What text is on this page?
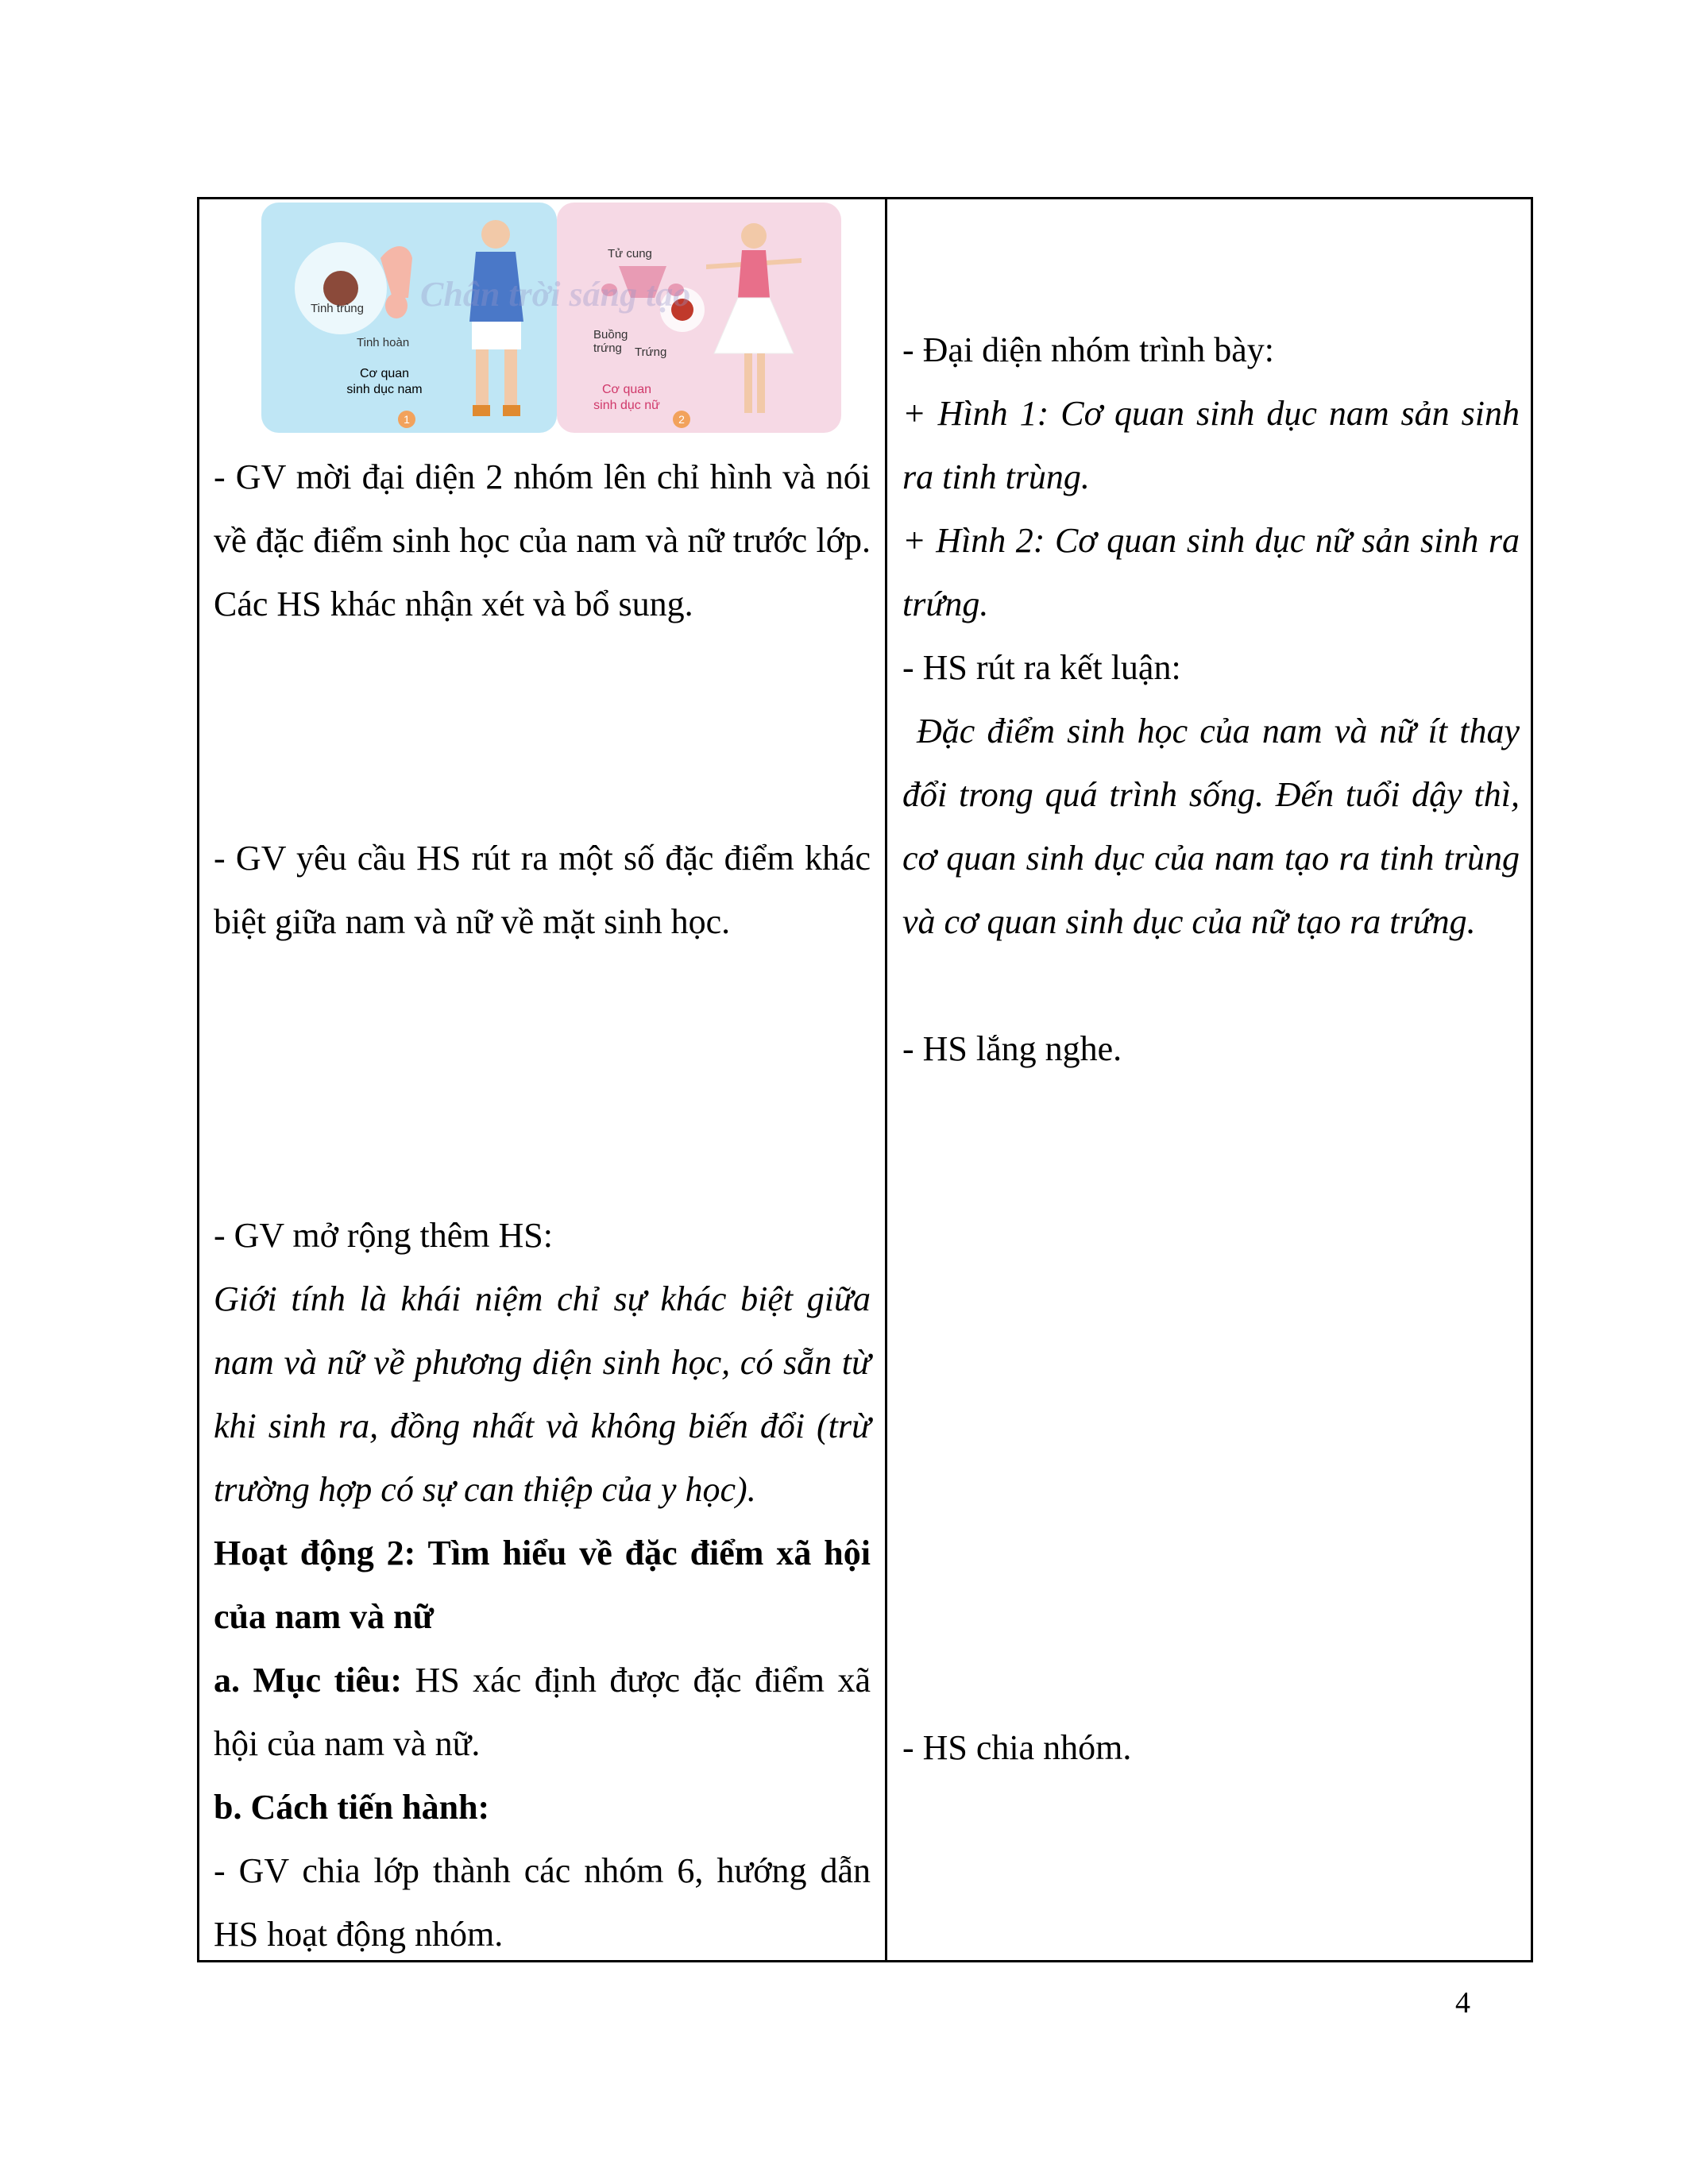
Chân trời sáng tạo
Tinh trùng
Tinh hoàn
Cơ quan
sinh dục nam
1
Tử cung
Buồng
trứng	Trứng
Cơ quan
sinh dục nữ
2

- GV mời đại diện 2 nhóm lên chỉ hình và nói về đặc điểm sinh học của nam và nữ trước lớp. Các HS khác nhận xét và bổ sung.

- GV yêu cầu HS rút ra một số đặc điểm khác biệt giữa nam và nữ về mặt sinh học.

- GV mở rộng thêm HS:

Giới tính là khái niệm chỉ sự khác biệt giữa nam và nữ về phương diện sinh học, có sẵn từ khi sinh ra, đồng nhất và không biến đổi (trừ trường hợp có sự can thiệp của y học).

Hoạt động 2: Tìm hiểu về đặc điểm xã hội của nam và nữ

a. Mục tiêu: HS xác định được đặc điểm xã hội của nam và nữ.

b. Cách tiến hành:

- GV chia lớp thành các nhóm 6, hướng dẫn HS hoạt động nhóm.

- Đại diện nhóm trình bày:

+ Hình 1: Cơ quan sinh dục nam sản sinh ra tinh trùng.

+ Hình 2: Cơ quan sinh dục nữ sản sinh ra trứng.

- HS rút ra kết luận:

Đặc điểm sinh học của nam và nữ ít thay đổi trong quá trình sống. Đến tuổi dậy thì, cơ quan sinh dục của nam tạo ra tinh trùng và cơ quan sinh dục của nữ tạo ra trứng.

- HS lắng nghe.

- HS chia nhóm.

4
